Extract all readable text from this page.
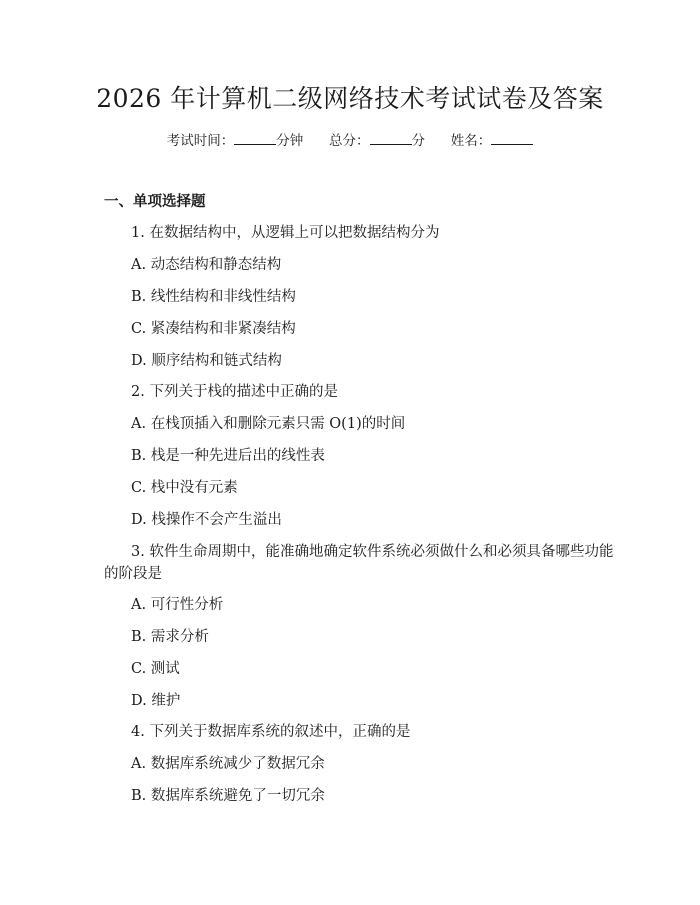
2026 年计算机二级网络技术考试试卷及答案
考试时间：	分钟 总分：	分 姓名：
一、单项选择题
1. 在数据结构中，从逻辑上可以把数据结构分为
A. 动态结构和静态结构
B. 线性结构和非线性结构
C. 紧凑结构和非紧凑结构
D. 顺序结构和链式结构
2. 下列关于栈的描述中正确的是
A. 在栈顶插入和删除元素只需 O(1)的时间
B. 栈是一种先进后出的线性表
C. 栈中没有元素
D. 栈操作不会产生溢出
3. 软件生命周期中，能准确地确定软件系统必须做什么和必须具备哪些功能
的阶段是
A. 可行性分析
B. 需求分析
C. 测试
D. 维护
4. 下列关于数据库系统的叙述中，正确的是
A. 数据库系统减少了数据冗余
B. 数据库系统避免了一切冗余
